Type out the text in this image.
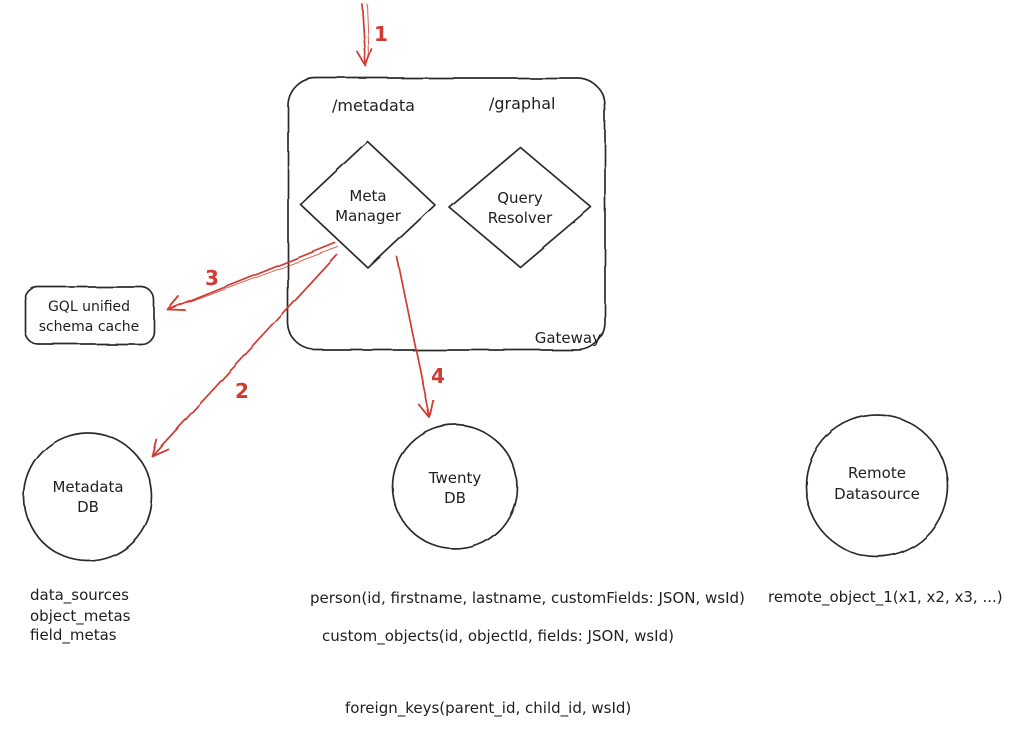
/metadata	/graphal
Meta
Manager
Query
Resolver
Gateway
GQL unified
schema cache
Metadata
DB
Twenty
DB
Remote
Datasource
1
2
3
4
data_sources
object_metas
field_metas
person(id, firstname, lastname, customFields: JSON, wsId)
custom_objects(id, objectId, fields: JSON, wsId)
foreign_keys(parent_id, child_id, wsId)
remote_object_1(x1, x2, x3, ...)
